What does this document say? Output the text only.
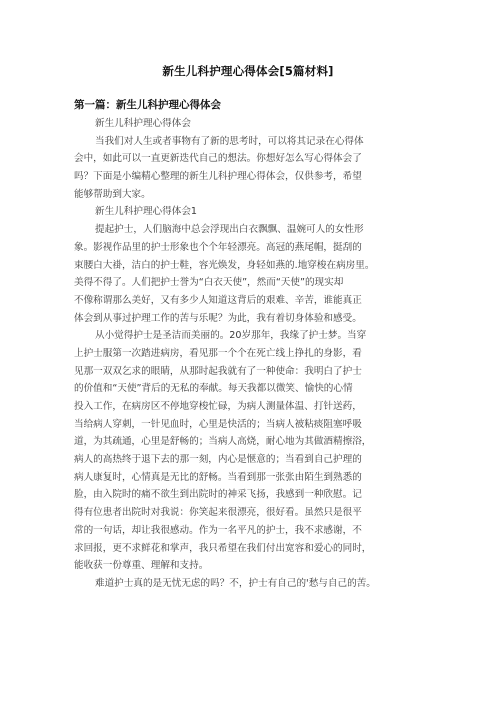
新生儿科护理心得体会[5篇材料]
第一篇：新生儿科护理心得体会
新生儿科护理心得体会
当我们对人生或者事物有了新的思考时，可以将其记录在心得体
会中，如此可以一直更新迭代自己的想法。你想好怎么写心得体会了
吗？下面是小编精心整理的新生儿科护理心得体会，仅供参考，希望
能够帮助到大家。
新生儿科护理心得体会1
提起护士，人们脑海中总会浮现出白衣飘飘、温婉可人的女性形
象。影视作品里的护士形象也个个年轻漂亮。高冠的燕尾帽，挺刮的
束腰白大褂，洁白的护士鞋，容光焕发，身轻如燕的.地穿梭在病房里。
美得不得了。人们把护士誉为“白衣天使”，然而“天使”的现实却
不像称谓那么美好，又有多少人知道这背后的艰难、辛苦，谁能真正
体会到从事过护理工作的苦与乐呢？为此，我有着切身体验和感受。
从小觉得护士是圣洁而美丽的。20岁那年，我缘了护士梦。当穿
上护士服第一次踏进病房，看见那一个个在死亡线上挣扎的身影，看
见那一双双乞求的眼睛，从那时起我就有了一种使命：我明白了护士
的价值和“天使”背后的无私的奉献。每天我都以微笑、愉快的心情
投入工作，在病房区不停地穿梭忙碌，为病人测量体温、打针送药，
当给病人穿刺，一针见血时，心里是快活的；当病人被粘痰阻塞呼吸
道，为其疏通，心里是舒畅的；当病人高烧，耐心地为其做酒精擦浴，
病人的高热终于退下去的那一刻，内心是惬意的；当看到自己护理的
病人康复时，心情真是无比的舒畅。当看到那一张张由陌生到熟悉的
脸，由入院时的痛不欲生到出院时的神采飞扬，我感到一种欣慰。记
得有位患者出院时对我说：你笑起来很漂亮，很好看。虽然只是很平
常的一句话，却让我很感动。作为一名平凡的护士，我不求感谢，不
求回报，更不求鲜花和掌声，我只希望在我们付出宽容和爱心的同时，
能收获一份尊重、理解和支持。
难道护士真的是无忧无虑的吗？不，护士有自己的'愁与自己的苦。
